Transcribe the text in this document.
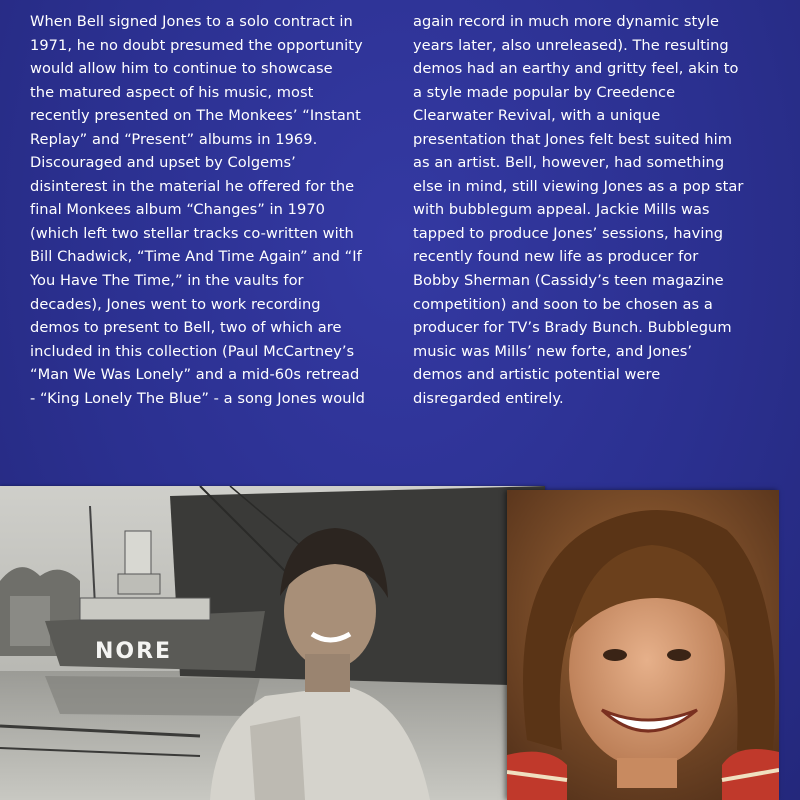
When Bell signed Jones to a solo contract in
1971, he no doubt presumed the opportunity
would allow him to continue to showcase
the matured aspect of his music, most
recently presented on The Monkees’ “Instant
Replay” and “Present” albums in 1969.
Discouraged and upset by Colgems’
disinterest in the material he offered for the
final Monkees album “Changes” in 1970
(which left two stellar tracks co-written with
Bill Chadwick, “Time And Time Again” and “If
You Have The Time,” in the vaults for
decades), Jones went to work recording
demos to present to Bell, two of which are
included in this collection (Paul McCartney’s
“Man We Was Lonely” and a mid-60s retread
- “King Lonely The Blue” - a song Jones would
again record in much more dynamic style
years later, also unreleased). The resulting
demos had an earthy and gritty feel, akin to
a style made popular by Creedence
Clearwater Revival, with a unique
presentation that Jones felt best suited him
as an artist. Bell, however, had something
else in mind, still viewing Jones as a pop star
with bubblegum appeal. Jackie Mills was
tapped to produce Jones’ sessions, having
recently found new life as producer for
Bobby Sherman (Cassidy’s teen magazine
competition) and soon to be chosen as a
producer for TV’s Brady Bunch. Bubblegum
music was Mills’ new forte, and Jones’
demos and artistic potential were
disregarded entirely.
NORE
